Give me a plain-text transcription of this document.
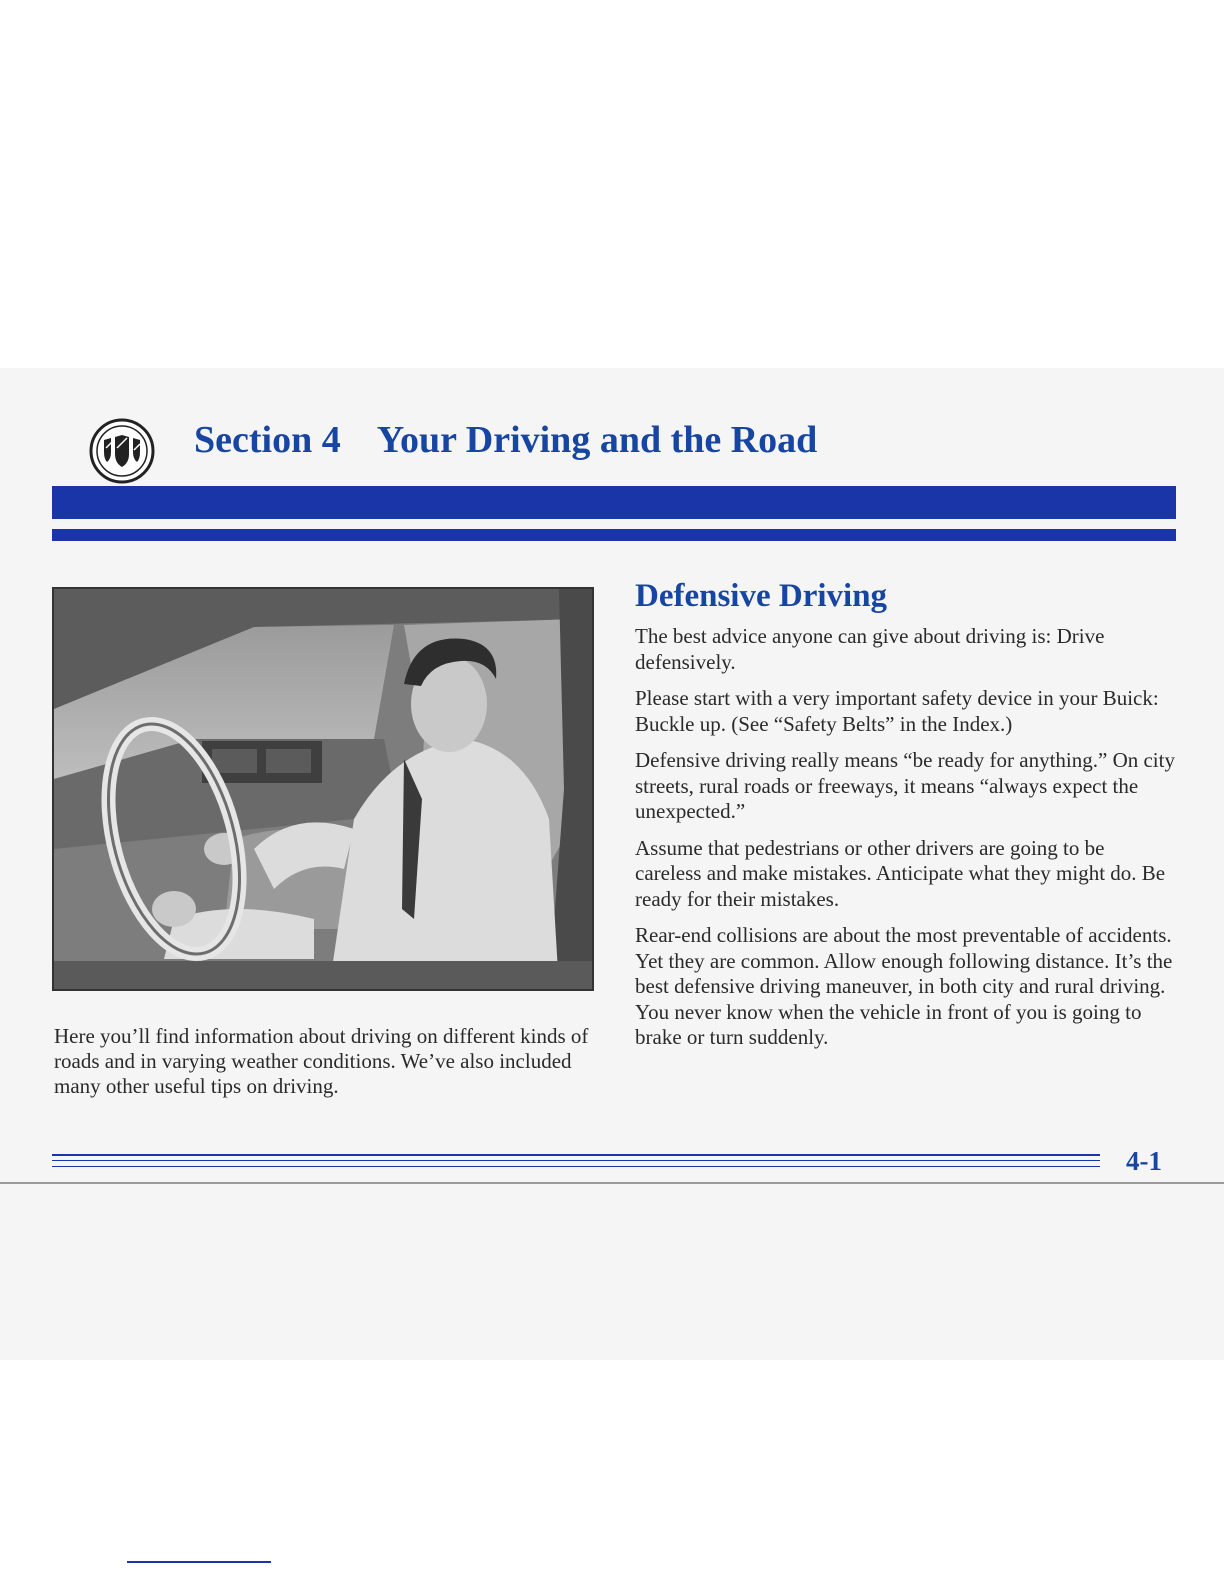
Section 4 Your Driving and the Road

Here you’ll find information about driving on different kinds of roads and in varying weather conditions. We’ve also included many other useful tips on driving.

Defensive Driving

The best advice anyone can give about driving is: Drive defensively.

Please start with a very important safety device in your Buick: Buckle up. (See “Safety Belts” in the Index.)

Defensive driving really means “be ready for anything.” On city streets, rural roads or freeways, it means “always expect the unexpected.”

Assume that pedestrians or other drivers are going to be careless and make mistakes. Anticipate what they might do. Be ready for their mistakes.

Rear-end collisions are about the most preventable of accidents. Yet they are common. Allow enough following distance. It’s the best defensive driving maneuver, in both city and rural driving. You never know when the vehicle in front of you is going to brake or turn suddenly.

4-1
